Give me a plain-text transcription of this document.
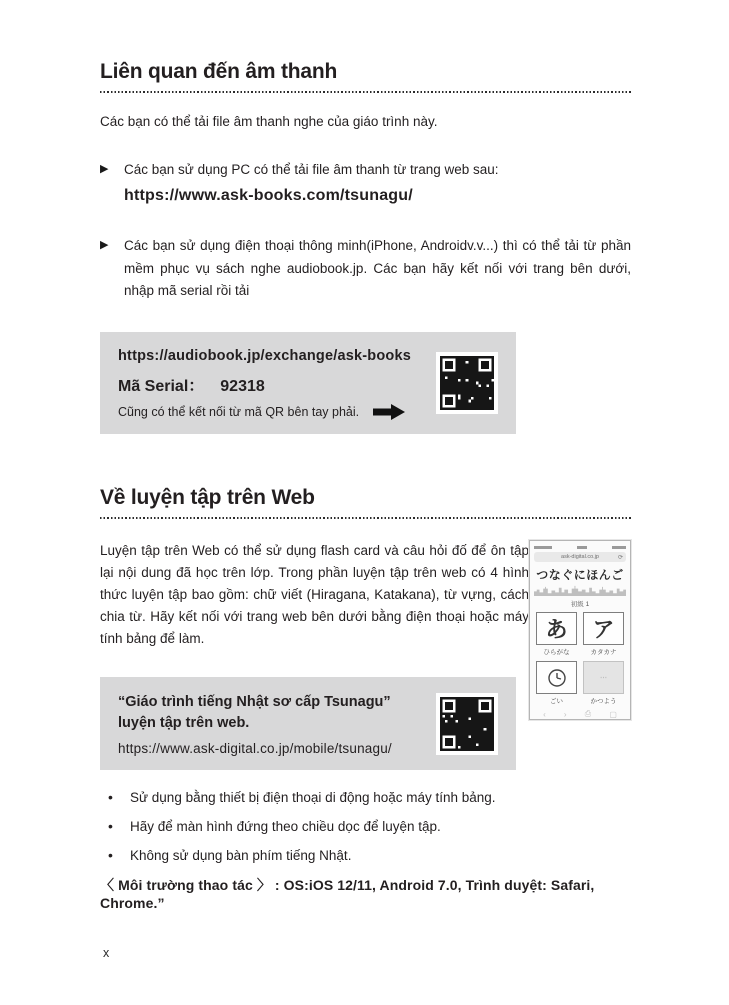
Liên quan đến âm thanh

Các bạn có thể tải file âm thanh nghe của giáo trình này.

▶ Các bạn sử dụng PC có thể tải file âm thanh từ trang web sau:
https://www.ask-books.com/tsunagu/
▶ Các bạn sử dụng điện thoại thông minh(iPhone, Androidv.v...) thì có thể tải từ phần mềm phục vụ sách nghe audiobook.jp. Các bạn hãy kết nối với trang bên dưới, nhập mã serial rồi tải
https://audiobook.jp/exchange/ask-books
Mã Serial： 92318
Cũng có thể kết nối từ mã QR bên tay phải.
Về luyện tập trên Web

Luyện tập trên Web có thể sử dụng flash card và câu hỏi đố để ôn tập lại nội dung đã học trên lớp. Trong phần luyện tập trên web có 4 hình thức luyện tập bao gồm: chữ viết (Hiragana, Katakana), từ vựng, cách chia từ. Hãy kết nối với trang web bên dưới bằng điện thoại hoặc máy tính bảng để làm.

“Giáo trình tiếng Nhật sơ cấp Tsunagu”
luyện tập trên web.
https://www.ask-digital.co.jp/mobile/tsunagu/
ask-digital.co.jp	⟳
つなぐにほんご
初級 1
あ
ひらがな
ア
カタカナ
ごい
⋯
かつよう
‹ › ⎙ ▢
• Sử dụng bằng thiết bị điện thoại di động hoặc máy tính bảng.
• Hãy để màn hình đứng theo chiều dọc để luyện tập.
• Không sử dụng bàn phím tiếng Nhật.
〈 Môi trường thao tác 〉 : OS:iOS 12/11, Android 7.0, Trình duyệt: Safari, Chrome.”
x
